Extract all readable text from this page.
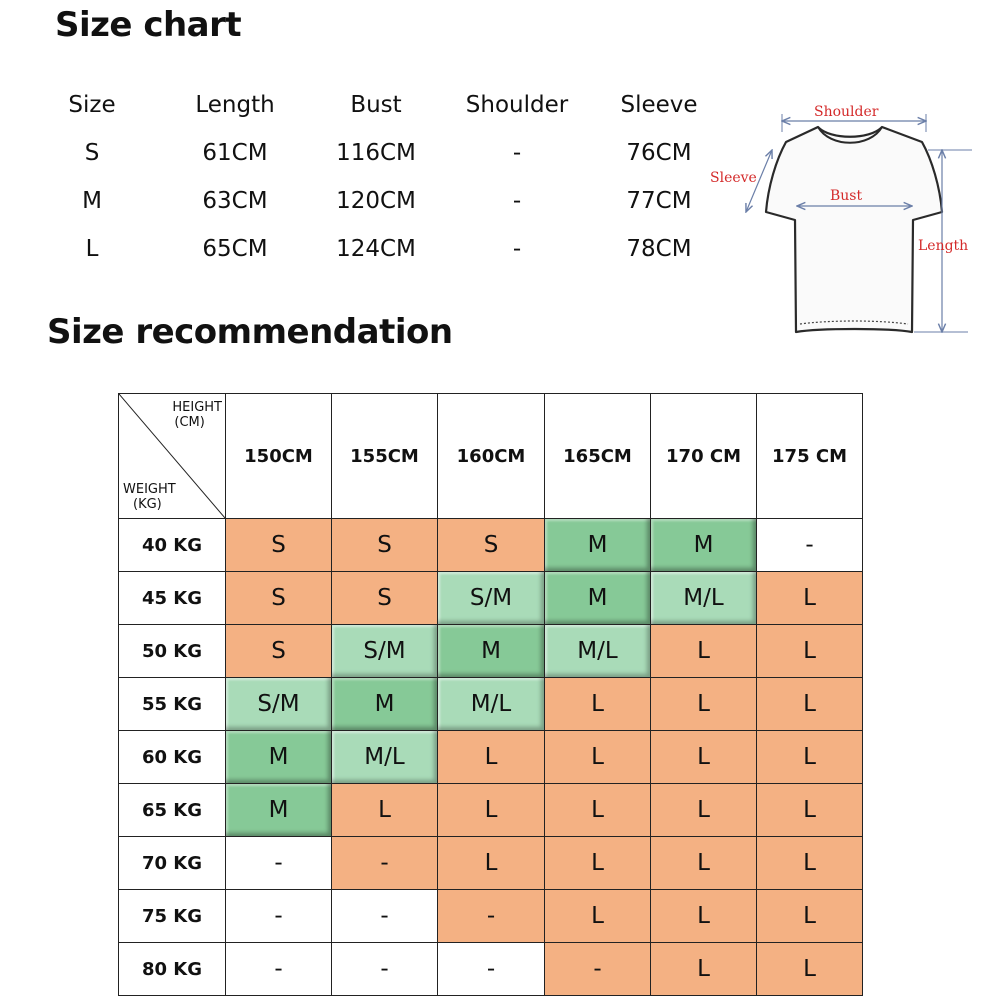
Size chart
Size recommendation
Size	Length	Bust	Shoulder	Sleeve
S	61CM	116CM	-	76CM
M	63CM	120CM	-	77CM
L	65CM	124CM	-	78CM
Shoulder
Sleeve
Bust
Length
HEIGHT
(CM)
WEIGHT
(KG)	150CM	155CM	160CM	165CM	170 CM	175 CM
40 KG	S	S	S	M	M	-
45 KG	S	S	S/M	M	M/L	L
50 KG	S	S/M	M	M/L	L	L
55 KG	S/M	M	M/L	L	L	L
60 KG	M	M/L	L	L	L	L
65 KG	M	L	L	L	L	L
70 KG	-	-	L	L	L	L
75 KG	-	-	-	L	L	L
80 KG	-	-	-	-	L	L
